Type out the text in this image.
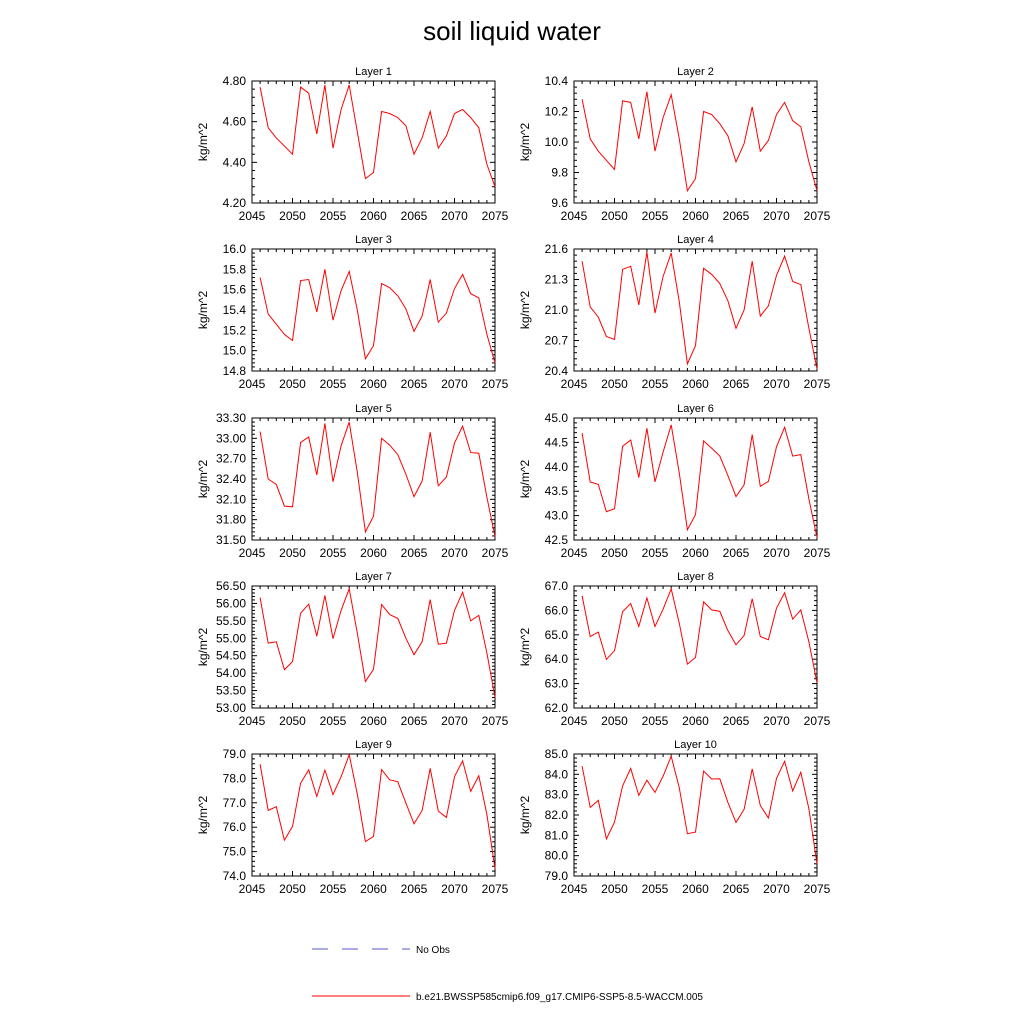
soil liquid water
Layer 1
2045 2050 2055 2060 2065 2070 2075
4.20
4.40
4.60
4.80
kg/m^2
Layer 2
2045 2050 2055 2060 2065 2070 2075
9.6
9.8
10.0
10.2
10.4
kg/m^2
Layer 3
2045 2050 2055 2060 2065 2070 2075
14.8
15.0
15.2
15.4
15.6
15.8
16.0
kg/m^2
Layer 4
2045 2050 2055 2060 2065 2070 2075
20.4
20.7
21.0
21.3
21.6
kg/m^2
Layer 5
2045 2050 2055 2060 2065 2070 2075
31.50
31.80
32.10
32.40
32.70
33.00
33.30
kg/m^2
Layer 6
2045 2050 2055 2060 2065 2070 2075
42.5
43.0
43.5
44.0
44.5
45.0
kg/m^2
Layer 7
2045 2050 2055 2060 2065 2070 2075
53.00
53.50
54.00
54.50
55.00
55.50
56.00
56.50
kg/m^2
Layer 8
2045 2050 2055 2060 2065 2070 2075
62.0
63.0
64.0
65.0
66.0
67.0
kg/m^2
Layer 9
2045 2050 2055 2060 2065 2070 2075
74.0
75.0
76.0
77.0
78.0
79.0
kg/m^2
Layer 10
2045 2050 2055 2060 2065 2070 2075
79.0
80.0
81.0
82.0
83.0
84.0
85.0
kg/m^2
No Obs
b.e21.BWSSP585cmip6.f09_g17.CMIP6-SSP5-8.5-WACCM.005
